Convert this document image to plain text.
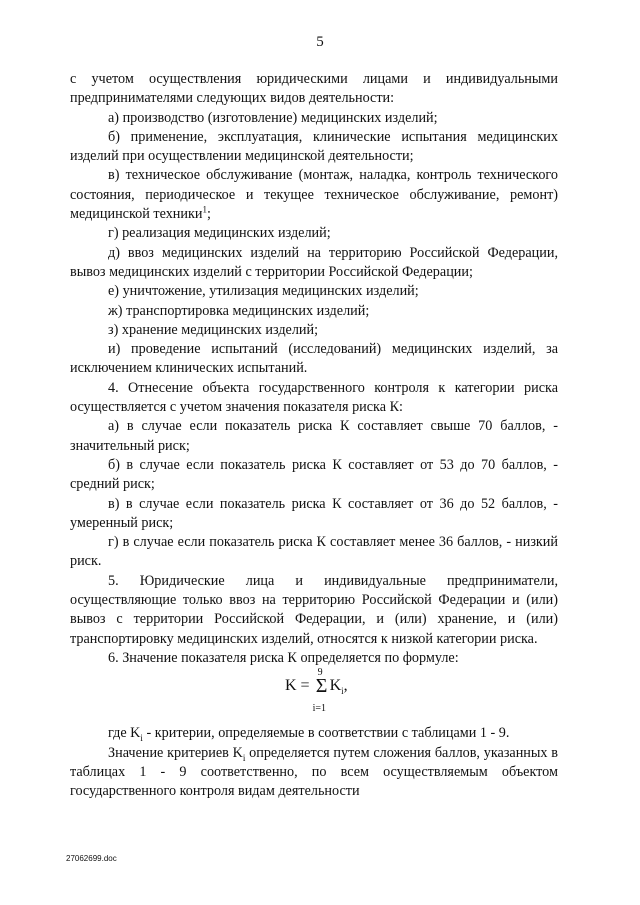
5

с учетом осуществления юридическими лицами и индивидуальными предпринимателями следующих видов деятельности:

а) производство (изготовление) медицинских изделий;

б) применение, эксплуатация, клинические испытания медицинских изделий при осуществлении медицинской деятельности;

в) техническое обслуживание (монтаж, наладка, контроль технического состояния, периодическое и текущее техническое обслуживание, ремонт) медицинской техники$^1$;

г) реализация медицинских изделий;

д) ввоз медицинских изделий на территорию Российской Федерации, вывоз медицинских изделий с территории Российской Федерации;

е) уничтожение, утилизация медицинских изделий;

ж) транспортировка медицинских изделий;

з) хранение медицинских изделий;

и) проведение испытаний (исследований) медицинских изделий, за исключением клинических испытаний.

4. Отнесение объекта государственного контроля к категории риска осуществляется с учетом значения показателя риска К:

а) в случае если показатель риска К составляет свыше 70 баллов, - значительный риск;

б) в случае если показатель риска К составляет от 53 до 70 баллов, - средний риск;

в) в случае если показатель риска К составляет от 36 до 52 баллов, - умеренный риск;

г) в случае если показатель риска К составляет менее 36 баллов, - низкий риск.

5. Юридические лица и индивидуальные предприниматели, осуществляющие только ввоз на территорию Российской Федерации и (или) вывоз с территории Российской Федерации, и (или) хранение, и (или) транспортировку медицинских изделий, относятся к низкой категории риска.

6. Значение показателя риска К определяется по формуле:

K =
9
Σ
i=1
$K_i$,

где $K_i$ - критерии, определяемые в соответствии с таблицами 1 - 9.

Значение критериев $K_i$ определяется путем сложения баллов, указанных в таблицах 1 - 9 соответственно, по всем осуществляемым объектом государственного контроля видам деятельности

27062699.doc
